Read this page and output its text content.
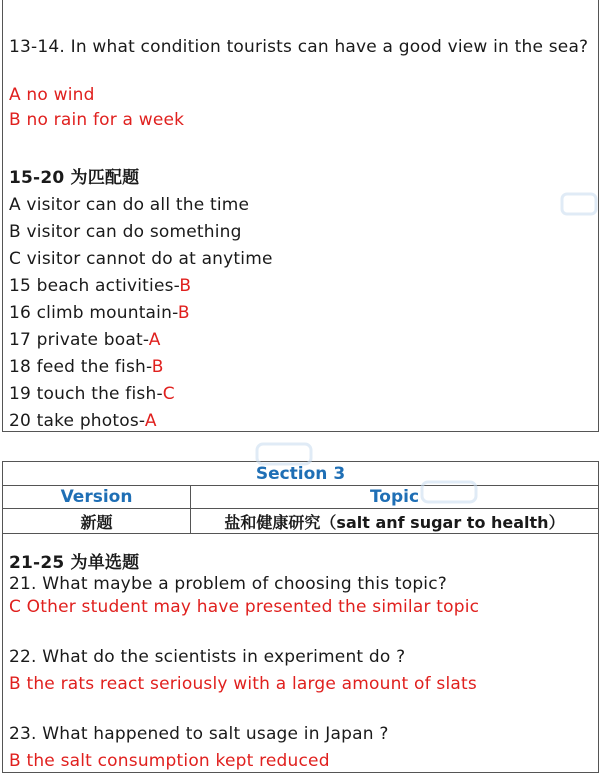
13-14. In what condition tourists can have a good view in the sea?
A no wind
B no rain for a week
15-20 为匹配题
A visitor can do all the time
B visitor can do something
C visitor cannot do at anytime
15 beach activities-B
16 climb mountain-B
17 private boat-A
18 feed the fish-B
19 touch the fish-C
20 take photos-A
Section 3
Version	Topic
新题	盐和健康研究（salt anf sugar to health）
21-25 为单选题
21. What maybe a problem of choosing this topic?
C Other student may have presented the similar topic
22. What do the scientists in experiment do ?
B the rats react seriously with a large amount of slats
23. What happened to salt usage in Japan ?
B the salt consumption kept reduced
